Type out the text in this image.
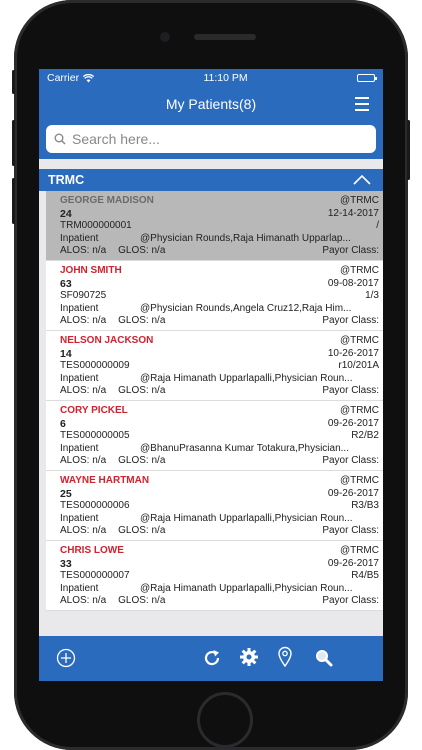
Carrier	11:10 PM
My Patients(8)
Search here...
TRMC
GEORGE MADISON	@TRMC
24	12-14-2017
TRM000000001	/
Inpatient	@Physician Rounds,Raja Himanath Upparlap...
ALOS: n/a GLOS: n/a	Payor Class:
JOHN SMITH	@TRMC
63	09-08-2017
SF090725	1/3
Inpatient	@Physician Rounds,Angela Cruz12,Raja Him...
ALOS: n/a GLOS: n/a	Payor Class:
NELSON JACKSON	@TRMC
14	10-26-2017
TES000000009	r10/201A
Inpatient	@Raja Himanath Upparlapalli,Physician Roun...
ALOS: n/a GLOS: n/a	Payor Class:
CORY PICKEL	@TRMC
6	09-26-2017
TES000000005	R2/B2
Inpatient	@BhanuPrasanna Kumar Totakura,Physician...
ALOS: n/a GLOS: n/a	Payor Class:
WAYNE HARTMAN	@TRMC
25	09-26-2017
TES000000006	R3/B3
Inpatient	@Raja Himanath Upparlapalli,Physician Roun...
ALOS: n/a GLOS: n/a	Payor Class:
CHRIS LOWE	@TRMC
33	09-26-2017
TES000000007	R4/B5
Inpatient	@Raja Himanath Upparlapalli,Physician Roun...
ALOS: n/a GLOS: n/a	Payor Class:
